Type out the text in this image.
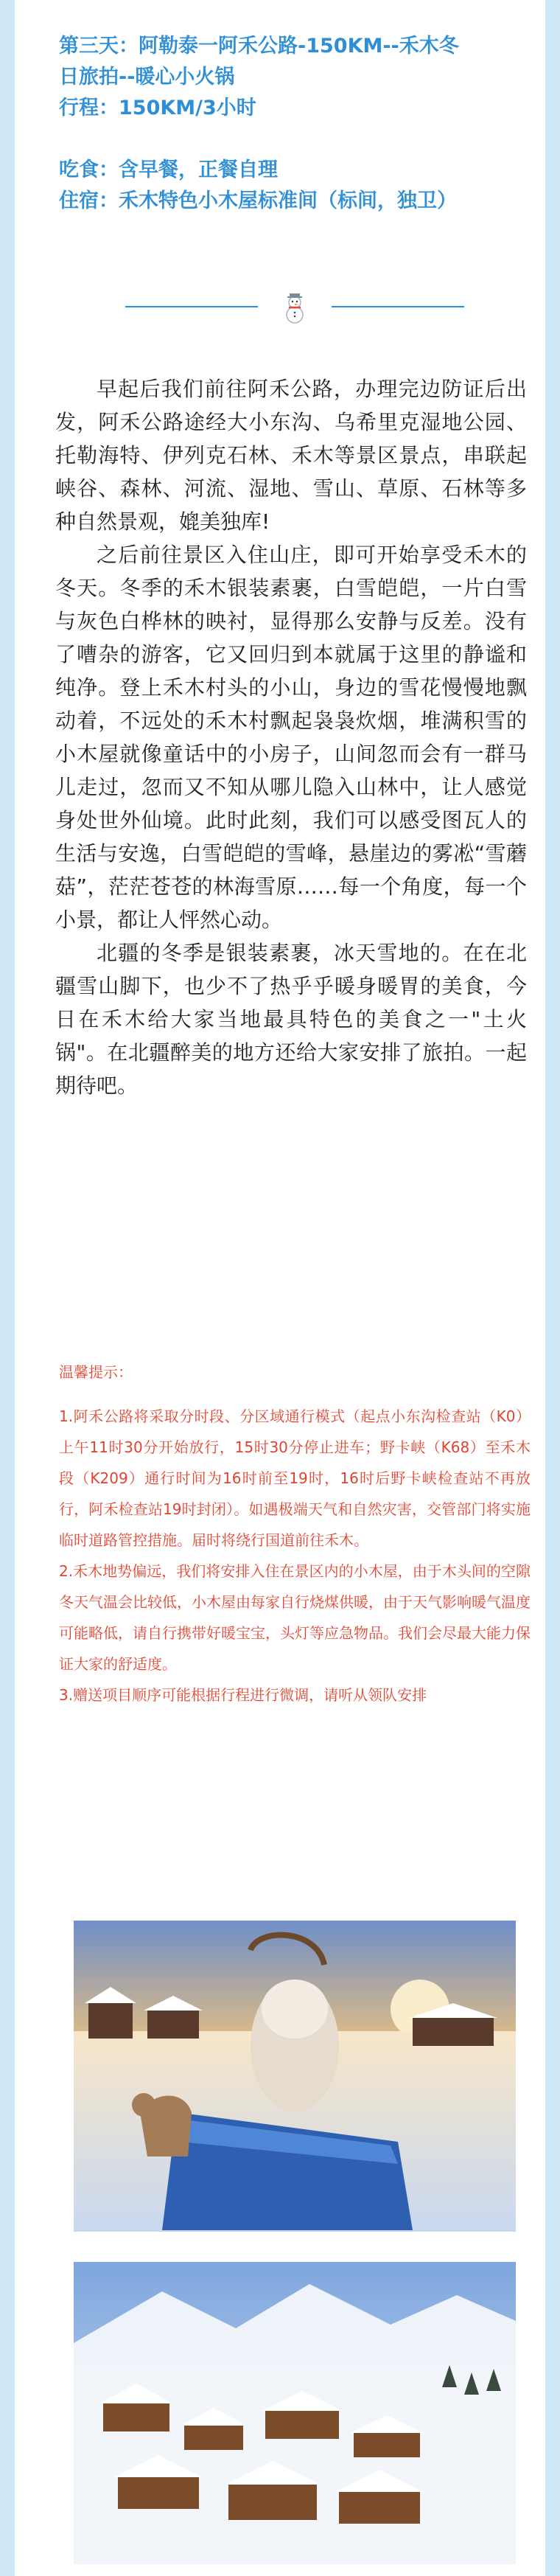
第三天：阿勒泰一阿禾公路-150KM--禾木冬

日旅拍--暖心小火锅

行程：150KM/3小时

吃食：含早餐，正餐自理

住宿：禾木特色小木屋标准间（标间，独卫）

早起后我们前往阿禾公路，办理完边防证后出发，阿禾公路途经大小东沟、乌希里克湿地公园、托勒海特、伊列克石林、禾木等景区景点，串联起峡谷、森林、河流、湿地、雪山、草原、石林等多种自然景观，媲美独库!

之后前往景区入住山庄，即可开始享受禾木的冬天。冬季的禾木银装素裹，白雪皑皑，一片白雪与灰色白桦林的映衬，显得那么安静与反差。没有了嘈杂的游客，它又回归到本就属于这里的静谧和纯净。登上禾木村头的小山，身边的雪花慢慢地飘动着，不远处的禾木村飘起袅袅炊烟，堆满积雪的小木屋就像童话中的小房子，山间忽而会有一群马儿走过，忽而又不知从哪儿隐入山林中，让人感觉身处世外仙境。此时此刻，我们可以感受图瓦人的生活与安逸，白雪皑皑的雪峰，悬崖边的雾凇“雪蘑菇”，茫茫苍苍的林海雪原……每一个角度，每一个小景，都让人怦然心动。

北疆的冬季是银装素裹，冰天雪地的。在在北疆雪山脚下，也少不了热乎乎暖身暖胃的美食，今日在禾木给大家当地最具特色的美食之一"土火锅"。在北疆醉美的地方还给大家安排了旅拍。一起期待吧。

温馨提示：

1.阿禾公路将采取分时段、分区域通行模式（起点小东沟检查站（K0）上午11时30分开始放行，15时30分停止进车；野卡峡（K68）至禾木段（K209）通行时间为16时前至19时，16时后野卡峡检查站不再放行，阿禾检查站19时封闭）。如遇极端天气和自然灾害，交管部门将实施临时道路管控措施。届时将绕行国道前往禾木。

2.禾木地势偏远，我们将安排入住在景区内的小木屋，由于木头间的空隙冬天气温会比较低，小木屋由每家自行烧煤供暖，由于天气影响暖气温度可能略低，请自行携带好暖宝宝，头灯等应急物品。我们会尽最大能力保证大家的舒适度。

3.赠送项目顺序可能根据行程进行微调，请听从领队安排
